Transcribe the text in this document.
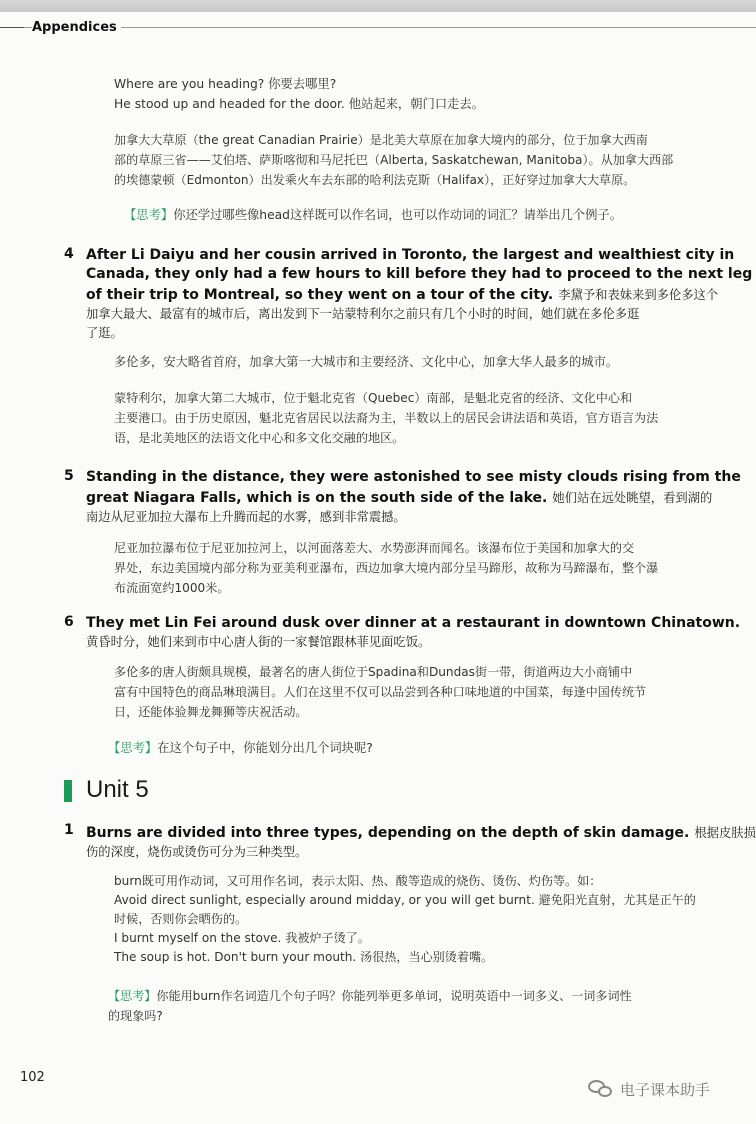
Appendices
Where are you heading? 你要去哪里?
He stood up and headed for the door. 他站起来，朝门口走去。
加拿大大草原（the great Canadian Prairie）是北美大草原在加拿大境内的部分，位于加拿大西南
部的草原三省——艾伯塔、萨斯喀彻和马尼托巴（Alberta, Saskatchewan, Manitoba）。从加拿大西部
的埃德蒙顿（Edmonton）出发乘火车去东部的哈利法克斯（Halifax），正好穿过加拿大大草原。
【思考】你还学过哪些像head这样既可以作名词，也可以作动词的词汇？请举出几个例子。
4 After Li Daiyu and her cousin arrived in Toronto, the largest and wealthiest city in
Canada, they only had a few hours to kill before they had to proceed to the next leg
of their trip to Montreal, so they went on a tour of the city. 李黛予和表妹来到多伦多这个
加拿大最大、最富有的城市后，离出发到下一站蒙特利尔之前只有几个小时的时间，她们就在多伦多逛
了逛。
多伦多，安大略省首府，加拿大第一大城市和主要经济、文化中心，加拿大华人最多的城市。
蒙特利尔，加拿大第二大城市，位于魁北克省（Quebec）南部，是魁北克省的经济、文化中心和
主要港口。由于历史原因，魁北克省居民以法裔为主，半数以上的居民会讲法语和英语，官方语言为法
语，是北美地区的法语文化中心和多文化交融的地区。
5 Standing in the distance, they were astonished to see misty clouds rising from the
great Niagara Falls, which is on the south side of the lake. 她们站在远处眺望，看到湖的
南边从尼亚加拉大瀑布上升腾而起的水雾，感到非常震撼。
尼亚加拉瀑布位于尼亚加拉河上，以河面落差大、水势澎湃而闻名。该瀑布位于美国和加拿大的交
界处，东边美国境内部分称为亚美利亚瀑布，西边加拿大境内部分呈马蹄形，故称为马蹄瀑布，整个瀑
布流面宽约1000米。
6 They met Lin Fei around dusk over dinner at a restaurant in downtown Chinatown.
黄昏时分，她们来到市中心唐人街的一家餐馆跟林菲见面吃饭。
多伦多的唐人街颇具规模，最著名的唐人街位于Spadina和Dundas街一带，街道两边大小商铺中
富有中国特色的商品琳琅满目。人们在这里不仅可以品尝到各种口味地道的中国菜，每逢中国传统节
日，还能体验舞龙舞狮等庆祝活动。
【思考】在这个句子中，你能划分出几个词块呢?
Unit 5
1 Burns are divided into three types, depending on the depth of skin damage. 根据皮肤损
伤的深度，烧伤或烫伤可分为三种类型。
burn既可用作动词，又可用作名词，表示太阳、热、酸等造成的烧伤、烫伤、灼伤等。如：
Avoid direct sunlight, especially around midday, or you will get burnt. 避免阳光直射，尤其是正午的
时候，否则你会晒伤的。
I burnt myself on the stove. 我被炉子烫了。
The soup is hot. Don't burn your mouth. 汤很热，当心别烫着嘴。
【思考】你能用burn作名词造几个句子吗？你能列举更多单词，说明英语中一词多义、一词多词性
的现象吗?
102
电子课本助手
